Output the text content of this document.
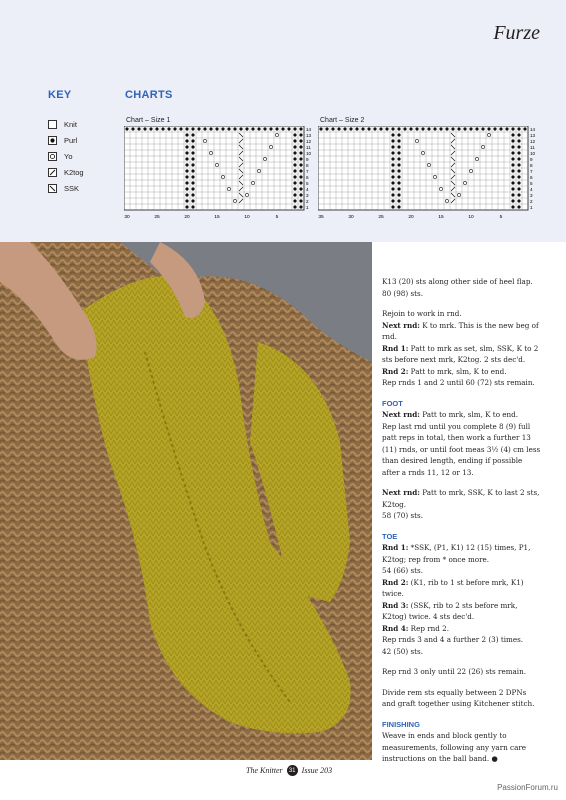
Furze
KEY
Knit
Purl
Yo
K2tog
SSK
CHARTS
Chart – Size 1
14
13
12
11
10
9
8
7
6
5
4
3
2
1
30	25	20	15	10	5
Chart – Size 2
14
13
12
11
10
9
8
7
6
5
4
3
2
1
35	30	25	20	15	10	5

K13 (20) sts along other side of heel flap.
80 (98) sts.

Rejoin to work in rnd.
Next rnd: K to mrk. This is the new beg of rnd.
Rnd 1: Patt to mrk as set, slm, SSK, K to 2 sts before next mrk, K2tog. 2 sts dec'd.
Rnd 2: Patt to mrk, slm, K to end.
Rep rnds 1 and 2 until 60 (72) sts remain.

FOOT

Next rnd: Patt to mrk, slm, K to end.
Rep last rnd until you complete 8 (9) full patt reps in total, then work a further 13 (11) rnds, or until foot meas 3½ (4) cm less than desired length, ending if possible after a rnds 11, 12 or 13.

Next rnd: Patt to mrk, SSK, K to last 2 sts, K2tog.
58 (70) sts.

TOE

Rnd 1: *SSK, (P1, K1) 12 (15) times, P1, K2tog; rep from * once more.
54 (66) sts.
Rnd 2: (K1, rib to 1 st before mrk, K1) twice.
Rnd 3: (SSK, rib to 2 sts before mrk, K2tog) twice. 4 sts dec'd.
Rnd 4: Rep rnd 2.
Rep rnds 3 and 4 a further 2 (3) times.
42 (50) sts.

Rep rnd 3 only until 22 (26) sts remain.

Divide rem sts equally between 2 DPNs and graft together using Kitchener stitch.

FINISHING

Weave in ends and block gently to measurements, following any yarn care instructions on the ball band. ●

The Knitter	31 Issue 203
PassionForum.ru
